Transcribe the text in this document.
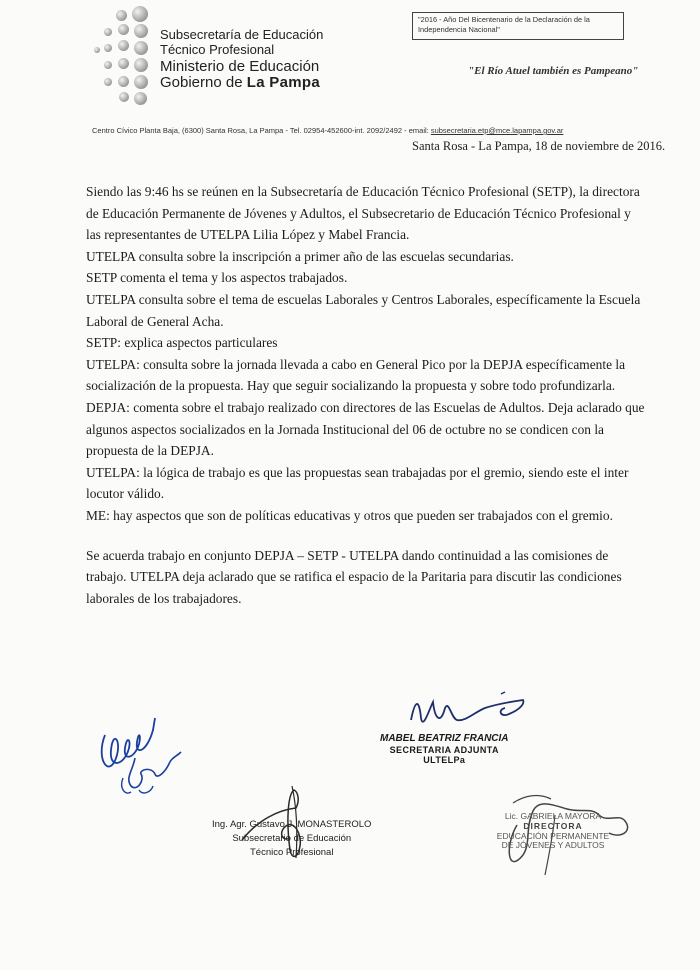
Subsecretaría de Educación
Técnico Profesional
Ministerio de Educación
Gobierno de La Pampa
"2016 - Año Del Bicentenario de la Declaración de la Independencia Nacional"
"El Río Atuel también es Pampeano"
Centro Cívico Planta Baja, (6300) Santa Rosa, La Pampa - Tel. 02954-452600-int. 2092/2492 - email: subsecretaria.etp@mce.lapampa.gov.ar
Santa Rosa - La Pampa, 18 de noviembre de 2016.

Siendo las 9:46 hs se reúnen en la Subsecretaría de Educación Técnico Profesional (SETP), la directora de Educación Permanente de Jóvenes y Adultos, el Subsecretario de Educación Técnico Profesional y las representantes de UTELPA Lilia López y Mabel Francia.

UTELPA consulta sobre la inscripción a primer año de las escuelas secundarias.

SETP comenta el tema y los aspectos trabajados.

UTELPA consulta sobre el tema de escuelas Laborales y Centros Laborales, específicamente la Escuela Laboral de General Acha.

SETP: explica aspectos particulares

UTELPA: consulta sobre la jornada llevada a cabo en General Pico por la DEPJA específicamente la socialización de la propuesta. Hay que seguir socializando la propuesta y sobre todo profundizarla.

DEPJA: comenta sobre el trabajo realizado con directores de las Escuelas de Adultos. Deja aclarado que algunos aspectos socializados en la Jornada Institucional del 06 de octubre no se condicen con la propuesta de la DEPJA.

UTELPA: la lógica de trabajo es que las propuestas sean trabajadas por el gremio, siendo este el inter locutor válido.

ME: hay aspectos que son de políticas educativas y otros que pueden ser trabajados con el gremio.

Se acuerda trabajo en conjunto DEPJA – SETP - UTELPA dando continuidad a las comisiones de trabajo. UTELPA deja aclarado que se ratifica el espacio de la Paritaria para discutir las condiciones laborales de los trabajadores.

MABEL BEATRIZ FRANCIA
SECRETARIA ADJUNTA
ULTELPa
Ing. Agr. Gustavo J. MONASTEROLO
Subsecretario de Educación
Técnico Profesional
Lic. GABRIELA MAYORA
DIRECTORA
EDUCACIÓN PERMANENTE
DE JÓVENES Y ADULTOS
